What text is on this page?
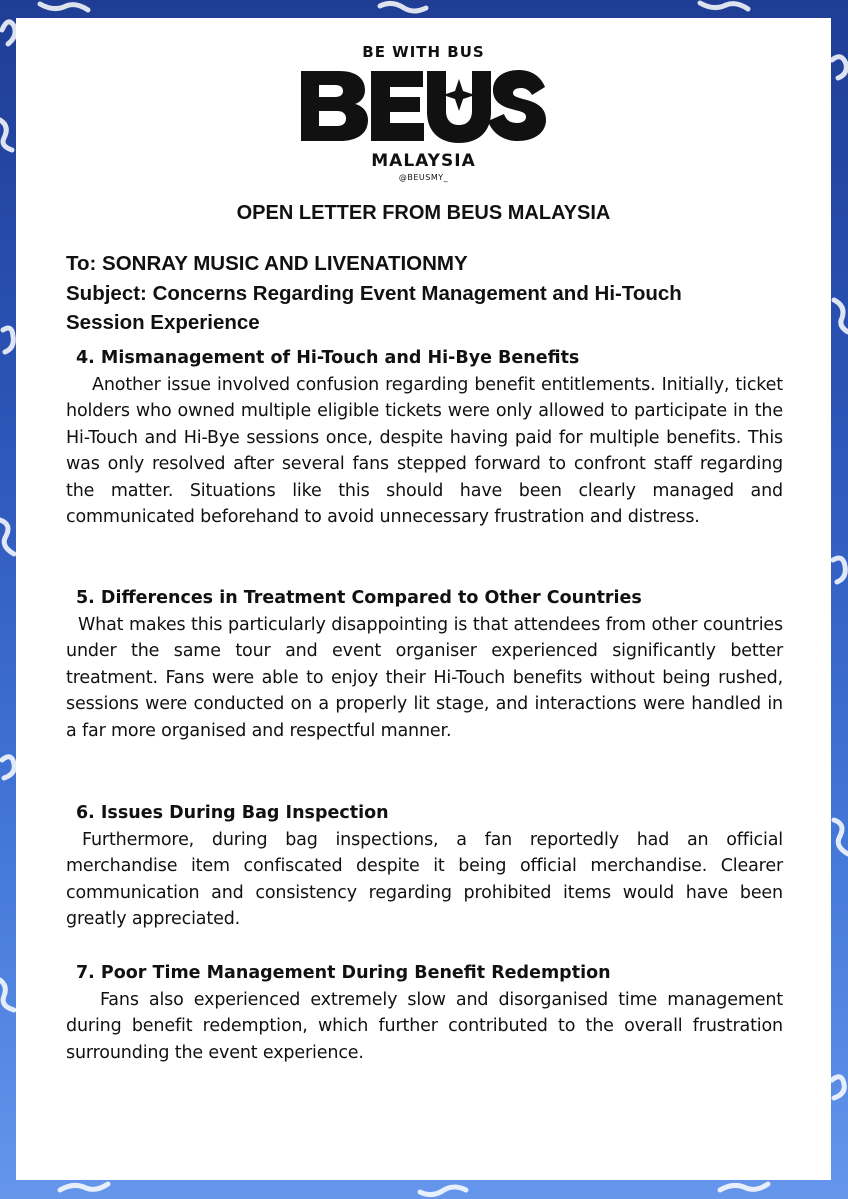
BE WITH BUS
MALAYSIA
@BEUSMY_
OPEN LETTER FROM BEUS MALAYSIA
To: SONRAY MUSIC AND LIVENATIONMY
Subject: Concerns Regarding Event Management and Hi-Touch
Session Experience
4. Mismanagement of Hi-Touch and Hi-Bye Benefits

Another issue involved confusion regarding benefit entitlements. Initially, ticket holders who owned multiple eligible tickets were only allowed to participate in the Hi-Touch and Hi-Bye sessions once, despite having paid for multiple benefits. This was only resolved after several fans stepped forward to confront staff regarding the matter. Situations like this should have been clearly managed and communicated beforehand to avoid unnecessary frustration and distress.

5. Differences in Treatment Compared to Other Countries

What makes this particularly disappointing is that attendees from other countries under the same tour and event organiser experienced significantly better treatment. Fans were able to enjoy their Hi-Touch benefits without being rushed, sessions were conducted on a properly lit stage, and interactions were handled in a far more organised and respectful manner.

6. Issues During Bag Inspection

Furthermore, during bag inspections, a fan reportedly had an official merchandise item confiscated despite it being official merchandise. Clearer communication and consistency regarding prohibited items would have been greatly appreciated.

7. Poor Time Management During Benefit Redemption

Fans also experienced extremely slow and disorganised time management during benefit redemption, which further contributed to the overall frustration surrounding the event experience.
